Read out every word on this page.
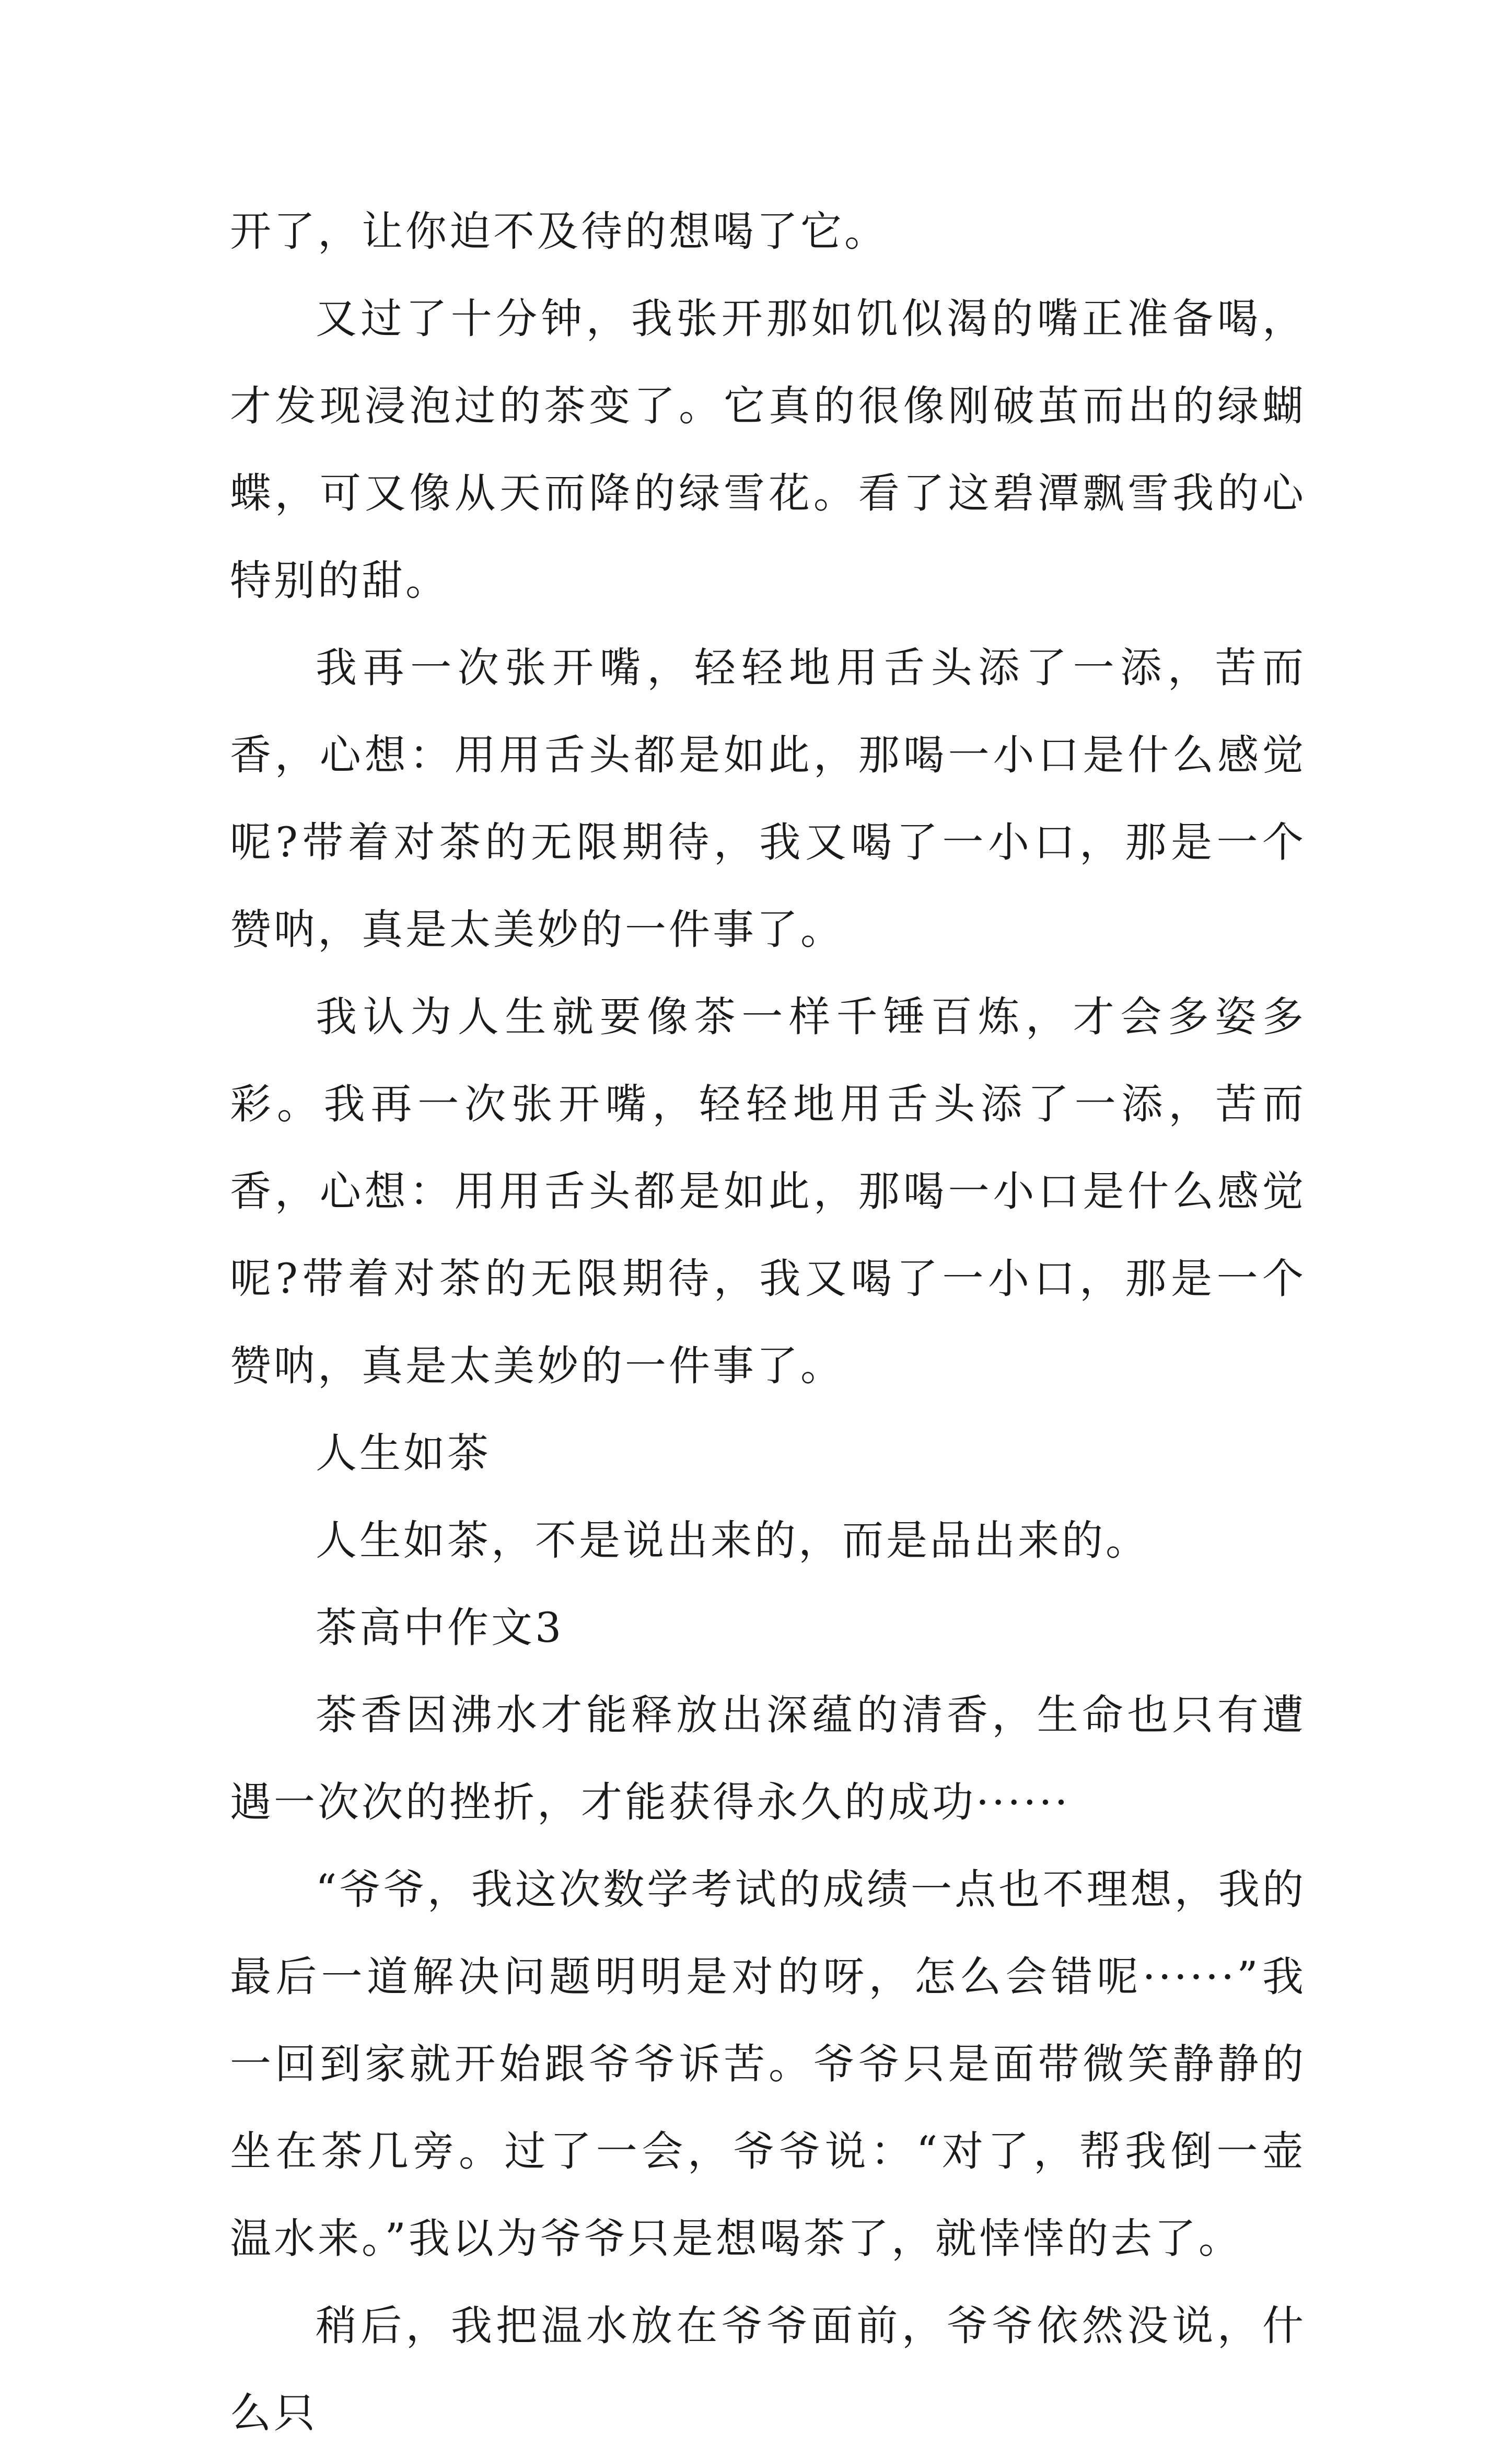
开了，让你迫不及待的想喝了它。

又过了十分钟，我张开那如饥似渴的嘴正准备喝，才发现浸泡过的茶变了。它真的很像刚破茧而出的绿蝴蝶，可又像从天而降的绿雪花。看了这碧潭飘雪我的心特别的甜。

我再一次张开嘴，轻轻地用舌头添了一添，苦而香，心想：用用舌头都是如此，那喝一小口是什么感觉呢?带着对茶的无限期待，我又喝了一小口，那是一个赞呐，真是太美妙的一件事了。

我认为人生就要像茶一样千锤百炼，才会多姿多彩。我再一次张开嘴，轻轻地用舌头添了一添，苦而香，心想：用用舌头都是如此，那喝一小口是什么感觉呢?带着对茶的无限期待，我又喝了一小口，那是一个赞呐，真是太美妙的一件事了。

人生如茶

人生如茶，不是说出来的，而是品出来的。

茶高中作文3

茶香因沸水才能释放出深蕴的清香，生命也只有遭遇一次次的挫折，才能获得永久的成功······

“爷爷，我这次数学考试的成绩一点也不理想，我的最后一道解决问题明明是对的呀，怎么会错呢······”我一回到家就开始跟爷爷诉苦。爷爷只是面带微笑静静的坐在茶几旁。过了一会，爷爷说：“对了，帮我倒一壶温水来。”我以为爷爷只是想喝茶了，就悻悻的去了。

稍后，我把温水放在爷爷面前，爷爷依然没说，什么只
